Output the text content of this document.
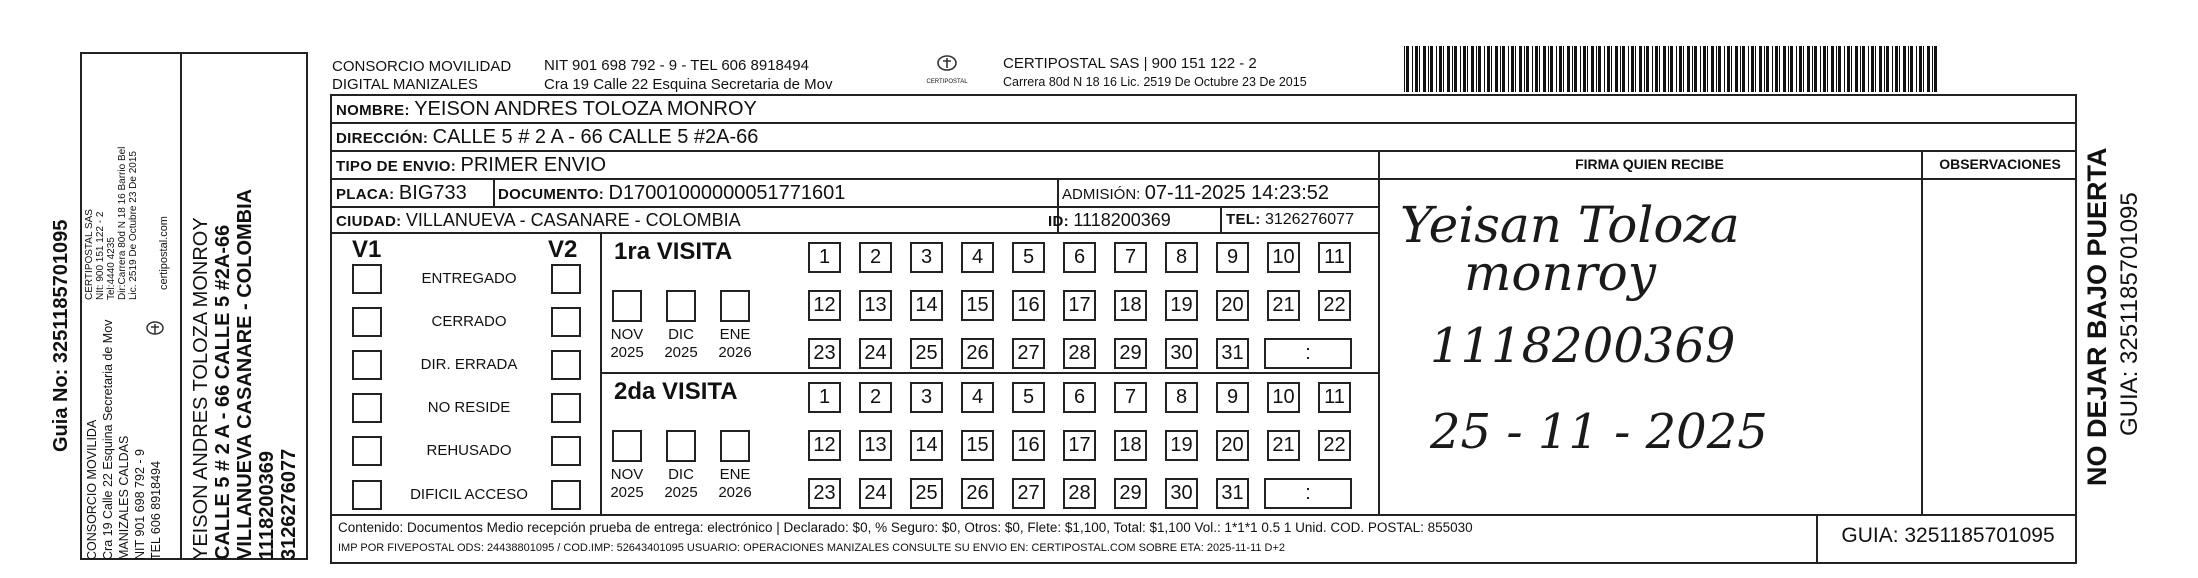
Guia No: 3251185701095 CERTIPOSTAL SAS NIt: 900 151 122 - 2 Tel:4440 4235 Dir:Carrera 80d N 18 16 Barrio Bel Lic. 2519 De Octubre 23 De 2015 certipostal.com
CONSORCIO MOVILIDA Cra 19 Calle 22 Esquina Secretaria de Mov MANIZALES CALDAS NIT 901 698 792 - 9 TEL 606 8918494 YEISON ANDRES TOLOZA MONROY CALLE 5 # 2 A - 66 CALLE 5 #2A-66 VILLANUEVA CASANARE - COLOMBIA 1118200369 3126276077
CONSORCIO MOVILIDAD
DIGITAL MANIZALES
NIT 901 698 792 - 9 - TEL 606 8918494
Cra 19 Calle 22 Esquina Secretaria de Mov	CERTIPOSTAL
CERTIPOSTAL SAS | 900 151 122 - 2
Carrera 80d N 18 16 Lic. 2519 De Octubre 23 De 2015
NOMBRE: YEISON ANDRES TOLOZA MONROY
DIRECCIÓN: CALLE 5 # 2 A - 66 CALLE 5 #2A-66
TIPO DE ENVIO: PRIMER ENVIO	FIRMA QUIEN RECIBE	OBSERVACIONES
PLACA: BIG733 DOCUMENTO: D17001000000051771601	ADMISIÓN: 07-11-2025 14:23:52
CIUDAD: VILLANUEVA - CASANARE - COLOMBIA	ID: 1118200369	TEL: 3126276077
V1	V2
ENTREGADO
CERRADO
DIR. ERRADA
NO RESIDE
REHUSADO
DIFICIL ACCESO
1ra VISITA
NOV
2025
DIC
2025
ENE
2026
1	2	3	4	5	6	7	8	9	10	11
12 13 14 15 16 17 18 19 20 21 22
23 24 25 26 27 28 29 30 31	:
2da VISITA
NOV
2025
DIC
2025
ENE
2026
1	2	3	4	5	6	7	8	9	10	11
12 13 14 15 16 17 18 19 20 21 22
23 24 25 26 27 28 29 30 31	:
Yeisan Toloza
monroy
1118200369
25 - 11 - 2025
Contenido: Documentos Medio recepción prueba de entrega: electrónico | Declarado: $0, % Seguro: $0, Otros: $0, Flete: $1,100, Total: $1,100 Vol.: 1*1*1 0.5 1 Unid. COD. POSTAL: 855030
IMP POR FIVEPOSTAL ODS: 24438801095 / COD.IMP: 52643401095 USUARIO: OPERACIONES MANIZALES CONSULTE SU ENVIO EN: CERTIPOSTAL.COM SOBRE ETA: 2025-11-11 D+2
GUIA: 3251185701095
NO DEJAR BAJO PUERTA GUIA: 3251185701095
